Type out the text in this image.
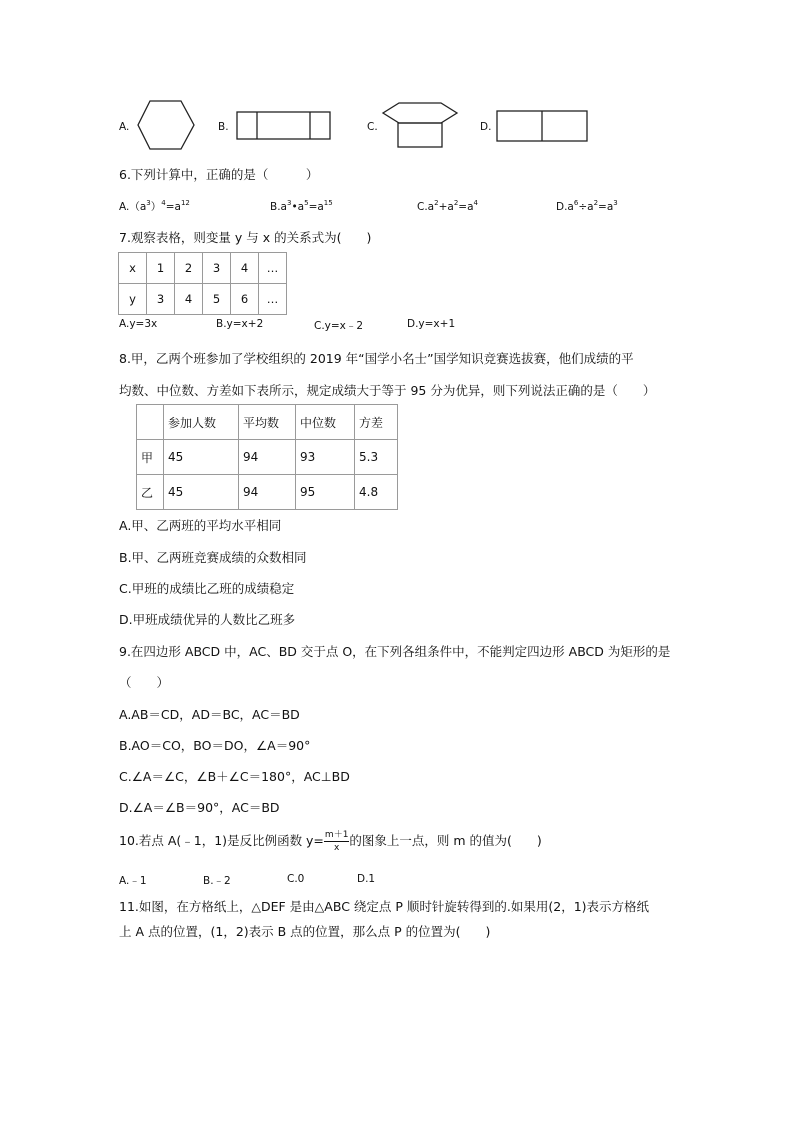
A.	B.	C.	D.
6.下列计算中，正确的是（　　　）
$A.(a^3)^4=a^{12}$	$B.a^3•a^5=a^{15}$	$C.a^2+a^2=a^4$	$D.a^6\div a^2=a^3$
7.观察表格，则变量 y 与 x 的关系式为(　　)
x	1	2	3	4	…
y	3	4	5	6	…
A.y=3x	B.y=x+2	C.y=x﹣2	D.y=x+1
8.甲，乙两个班参加了学校组织的 2019 年“国学小名士”国学知识竞赛选拔赛，他们成绩的平
均数、中位数、方差如下表所示，规定成绩大于等于 95 分为优异，则下列说法正确的是（　　）
	参加人数	平均数	中位数	方差
甲	45	94	93	5.3
乙	45	94	95	4.8
A.甲、乙两班的平均水平相同
B.甲、乙两班竞赛成绩的众数相同
C.甲班的成绩比乙班的成绩稳定
D.甲班成绩优异的人数比乙班多
9.在四边形 ABCD 中，AC、BD 交于点 O，在下列各组条件中，不能判定四边形 ABCD 为矩形的是
（　　）
A.AB＝CD，AD＝BC，AC＝BD
B.AO＝CO，BO＝DO，∠A＝90°
C.∠A＝∠C，∠B＋∠C＝180°，AC⊥BD
D.∠A＝∠B＝90°，AC＝BD
10.若点 A(﹣1，1)是反比例函数 $y= \frac{m+1}{x}$ 的图象上一点，则 m 的值为(　　)
A.﹣1	B.﹣2	C.0	D.1
11.如图，在方格纸上，△DEF 是由△ABC 绕定点 P 顺时针旋转得到的.如果用(2，1)表示方格纸
上 A 点的位置，(1，2)表示 B 点的位置，那么点 P 的位置为(　　)
